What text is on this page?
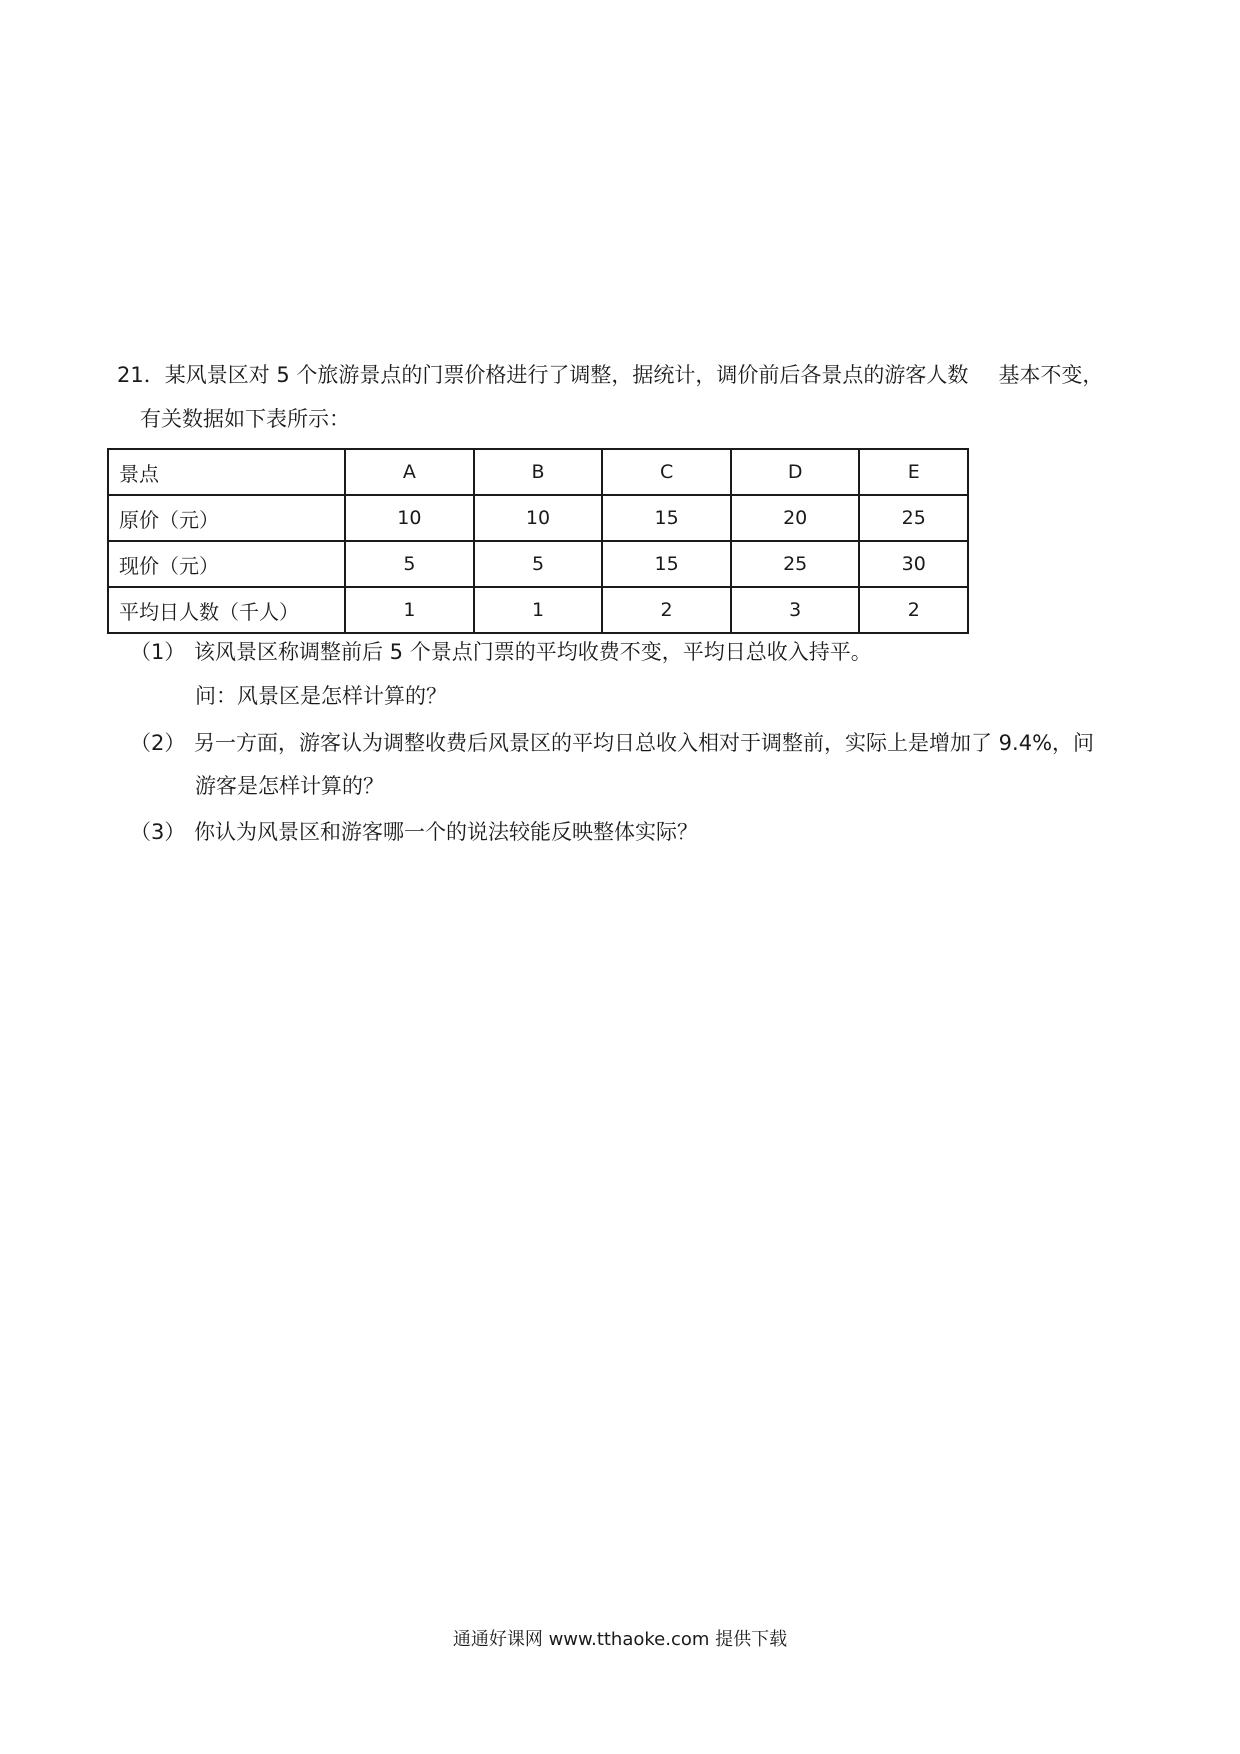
21．某风景区对 5 个旅游景点的门票价格进行了调整，据统计，调价前后各景点的游客人数 基本不变，
有关数据如下表所示：
景点	A	B	C	D	E
原价（元）	10	10	15	20	25
现价（元）	5	5	15	25	30
平均日人数（千人）	1	1	2	3	2
（1） 该风景区称调整前后 5 个景点门票的平均收费不变，平均日总收入持平。
问：风景区是怎样计算的？
（2） 另一方面，游客认为调整收费后风景区的平均日总收入相对于调整前，实际上是增加了 9.4%，问
游客是怎样计算的？
（3） 你认为风景区和游客哪一个的说法较能反映整体实际？
通通好课网 www.tthaoke.com 提供下载
